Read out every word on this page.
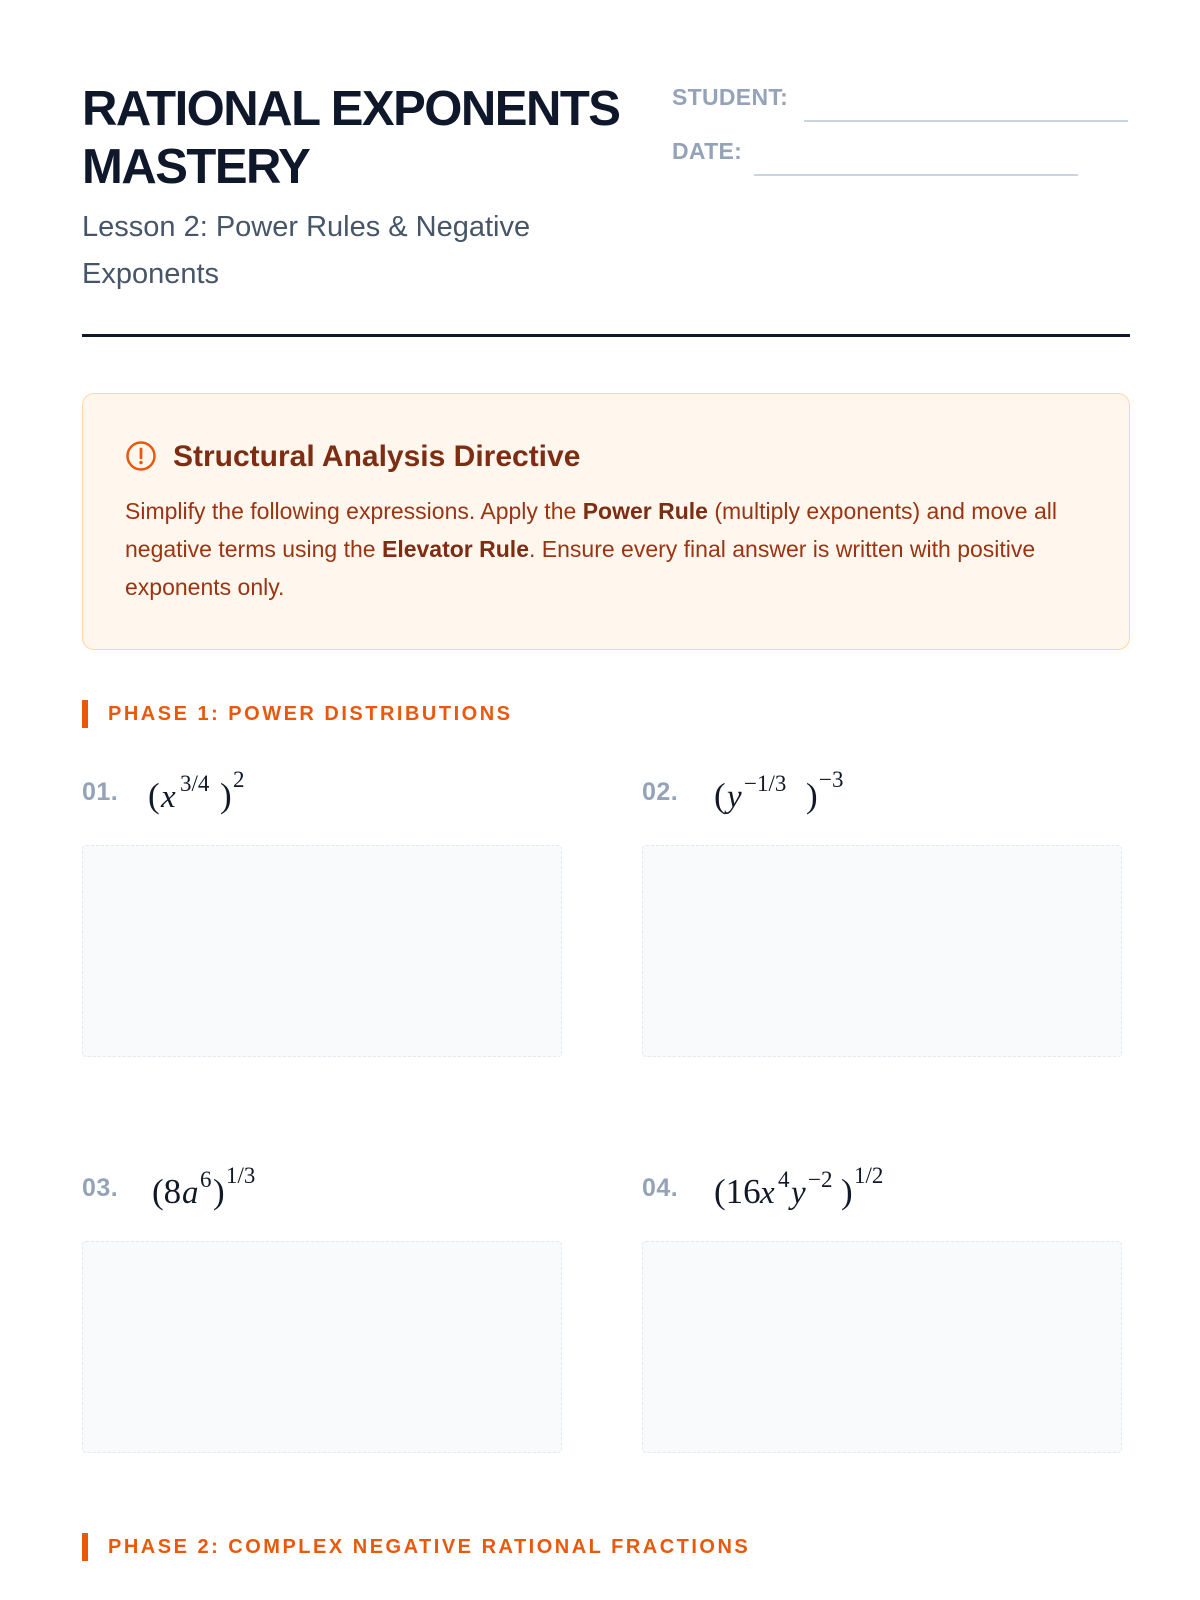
RATIONAL EXPONENTS
MASTERY

Lesson 2: Power Rules & Negative Exponents

STUDENT:
DATE:
Structural Analysis Directive
Simplify the following expressions. Apply the Power Rule (multiply exponents) and move all negative terms using the Elevator Rule. Ensure every final answer is written with positive exponents only.
PHASE 1: POWER DISTRIBUTIONS
01. ( x 3/4 ) 2	02. ( y −1/3 ) −3
03. (8 a 6 ) 1/3	04. (16 x 4 y −2 ) 1/2
PHASE 2: COMPLEX NEGATIVE RATIONAL FRACTIONS
